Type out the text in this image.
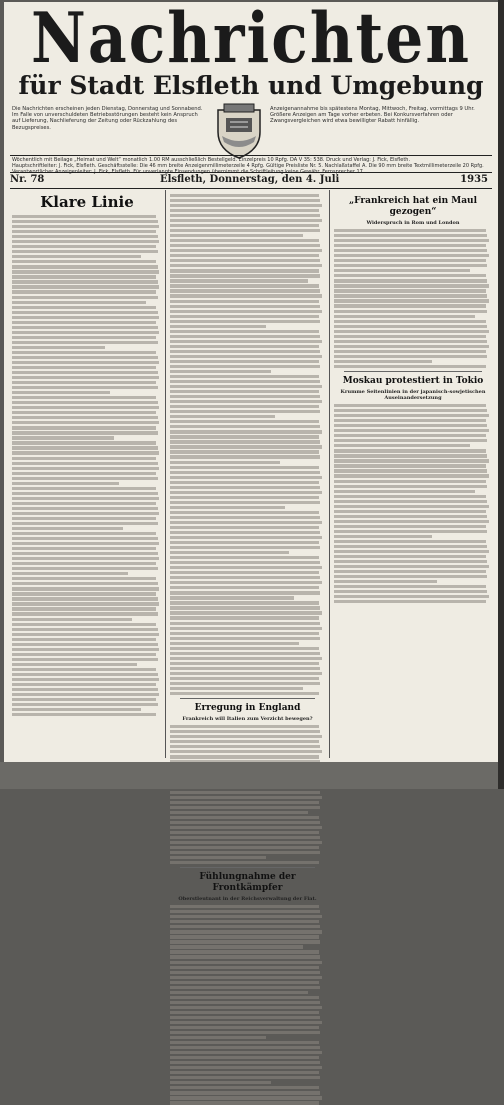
Nachrichten
für Stadt Elsfleth und Umgebung
Die Nachrichten erscheinen jeden Dienstag, Donnerstag und Sonnabend. Im Falle von unverschuldeten Betriebsstörungen besteht kein Anspruch auf Lieferung, Nachlieferung der Zeitung oder Rückzahlung des Bezugspreises.
Anzeigenannahme bis spätestens Montag, Mittwoch, Freitag, vormittags 9 Uhr. Größere Anzeigen am Tage vorher erbeten. Bei Konkursverfahren oder Zwangsvergleichen wird etwa bewilligter Rabatt hinfällig.
Wöchentlich mit Beilage „Heimat und Welt“ monatlich 1.00 RM ausschließlich Bestellgeld. Einzelpreis 10 Rpfg. DA V 35: 538. Druck und Verlag: J. Fick, Elsfleth.
Hauptschriftleiter: J. Fick, Elsfleth. Geschäftsstelle: Die 46 mm breite Anzeigenmillimeterzeile 4 Rpfg. Gültige Preisliste Nr. 5. Nachlaßstaffel A. Die 90 mm breite Textmillimeterzeile 20 Rpfg.
Nr. 78	Elsfleth, Donnerstag, den 4. Juli	1935
Klare Linie
Erregung in England
Frankreich will Italien zum Verzicht bewegen?
Fühlungnahme der Frontkämpfer
Oberstleutnant in der Reichsverwaltung der Fiat.
„Frankreich hat ein Maul gezogen“
Widerspruch in Rom und London
Moskau protestiert in Tokio
Krumme Seitenlinien in der japanisch-sowjetischen Auseinandersetzung
